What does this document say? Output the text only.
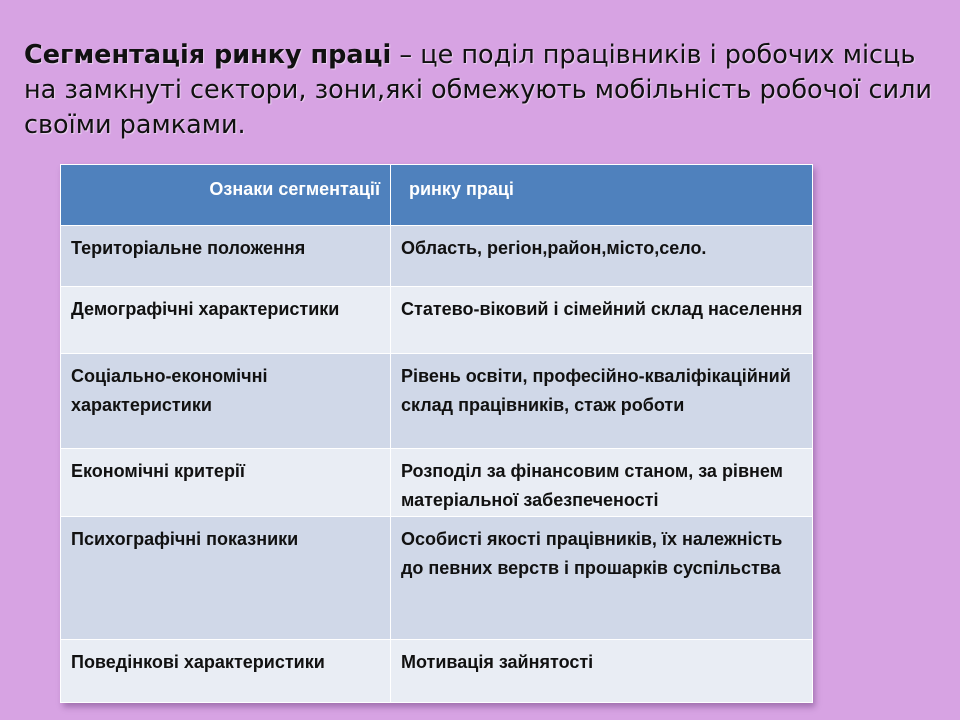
Сегментація ринку праці – це поділ працівників і робочих місць на замкнуті сектори, зони,які обмежують мобільність робочої сили своїми рамками.

Ознаки сегментації	ринку праці
Територіальне положення	Область, регіон,район,місто,село.
Демографічні характеристики	Статево-віковий і сімейний склад населення
Соціально-економічні характеристики	Рівень освіти, професійно-кваліфікаційний склад працівників, стаж роботи
Економічні критерії	Розподіл за фінансовим станом, за рівнем матеріальної забезпеченості
Психографічні показники	Особисті якості працівників, їх належність до певних верств і прошарків суспільства
Поведінкові характеристики	Мотивація зайнятості
